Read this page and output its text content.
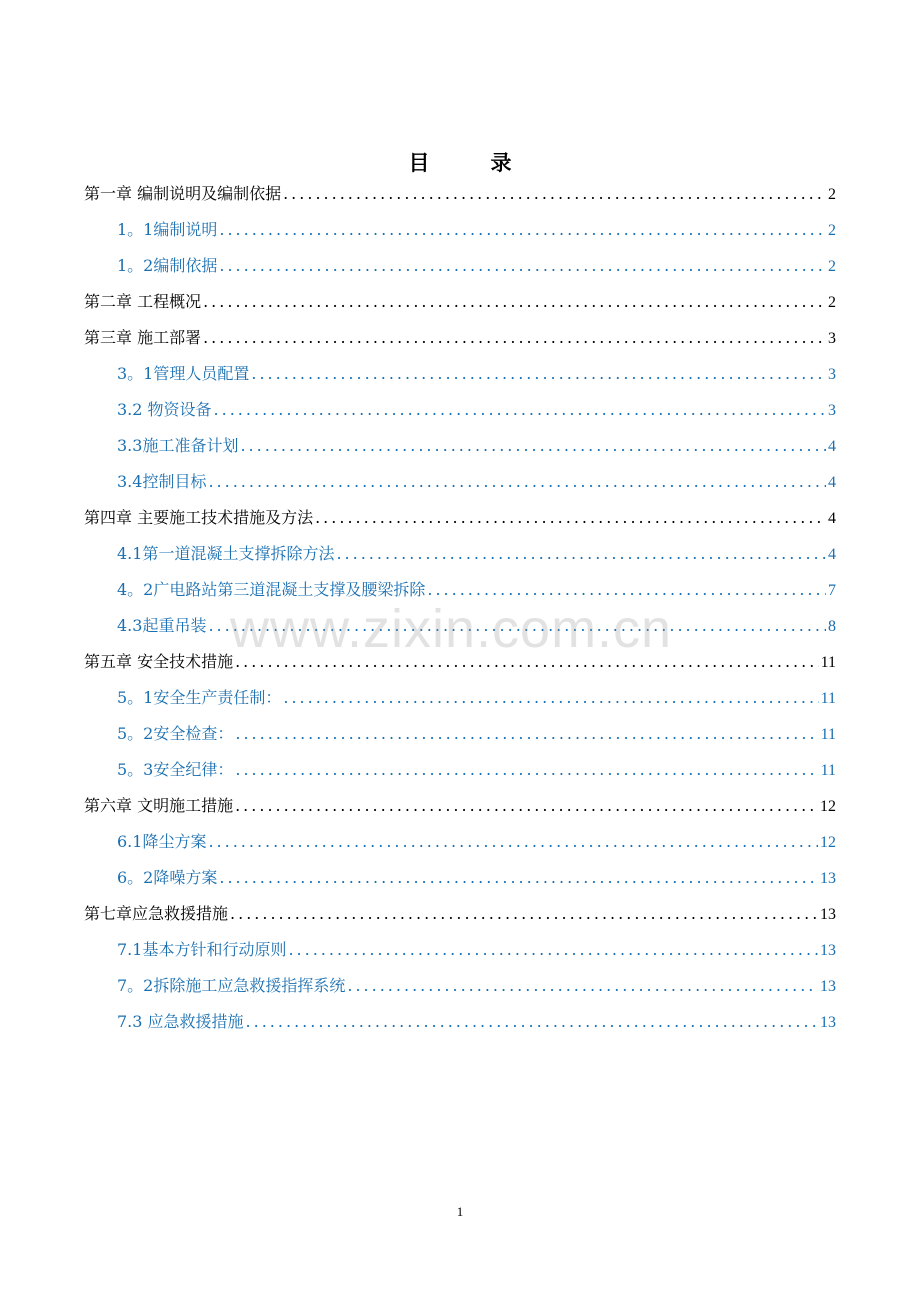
目　录
第一章 编制说明及编制依据 .....	2
1。1编制说明 .....	2
1。2编制依据 .....	2
第二章 工程概况 .....	2
第三章 施工部署 .....	3
3。1管理人员配置 .....	3
3.2 物资设备 .....	3
3.3施工准备计划 .....	4
3.4控制目标 .....	4
第四章 主要施工技术措施及方法 .....	4
4.1第一道混凝土支撑拆除方法 .....	4
4。2广电路站第三道混凝土支撑及腰梁拆除 .....	7
4.3起重吊装 .....	8
第五章 安全技术措施 .....	11
5。1安全生产责任制： .....	11
5。2安全检查： .....	11
5。3安全纪律： .....	11
第六章 文明施工措施 .....	12
6.1降尘方案 .....	12
6。2降噪方案 .....	13
第七章应急救援措施 .....	13
7.1基本方针和行动原则 .....	13
7。2拆除施工应急救援指挥系统 .....	13
7.3 应急救援措施 .....	13
www.zixin.com.cn
1
